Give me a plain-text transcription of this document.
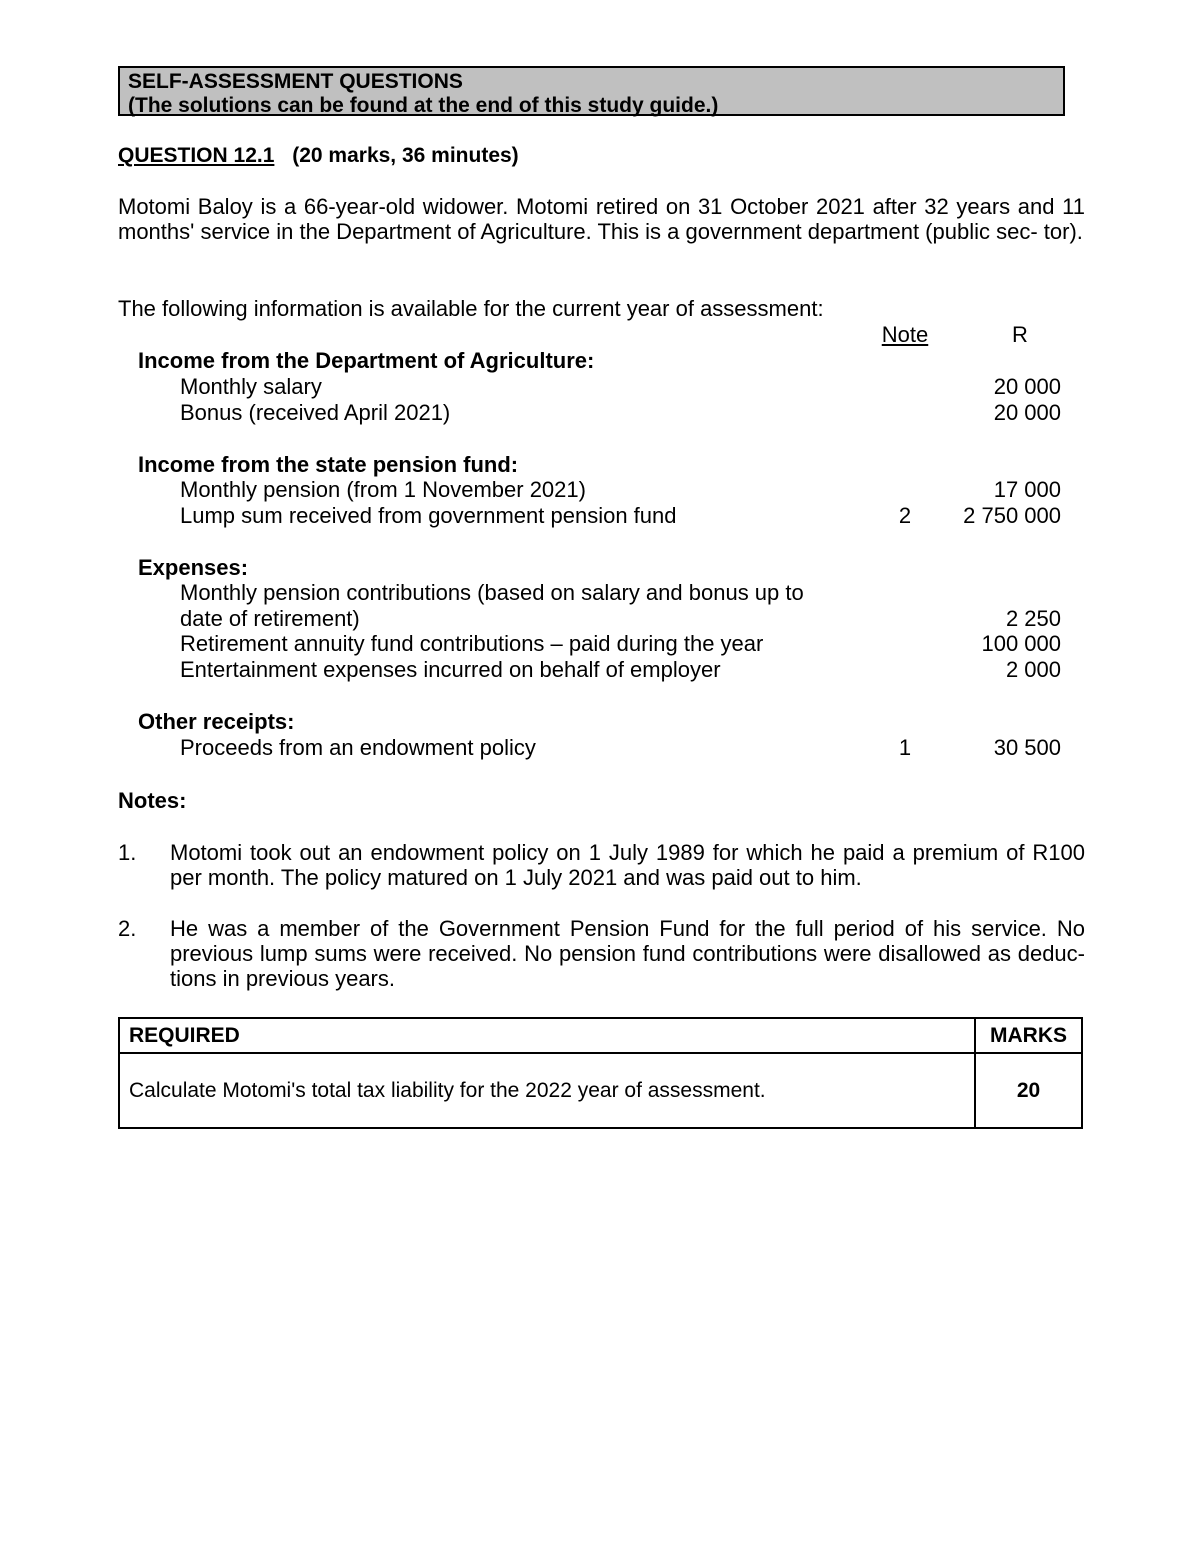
SELF-ASSESSMENT QUESTIONS
(The solutions can be found at the end of this study guide.)
QUESTION 12.1 (20 marks, 36 minutes)
Motomi Baloy is a 66-year-old widower. Motomi retired on 31 October 2021 after 32 years and 11 months' service in the Department of Agriculture. This is a government department (public sec- tor).
The following information is available for the current year of assessment:
Note	R
Income from the Department of Agriculture:
Monthly salary	20 000
Bonus (received April 2021)	20 000
Income from the state pension fund:
Monthly pension (from 1 November 2021)	17 000
Lump sum received from government pension fund	2	2 750 000
Expenses:
Monthly pension contributions (based on salary and bonus up to
date of retirement)	2 250
Retirement annuity fund contributions – paid during the year	100 000
Entertainment expenses incurred on behalf of employer	2 000
Other receipts:
Proceeds from an endowment policy	1	30 500
Notes:
1. Motomi took out an endowment policy on 1 July 1989 for which he paid a premium of R100 per month. The policy matured on 1 July 2021 and was paid out to him.
2. He was a member of the Government Pension Fund for the full period of his service. No previous lump sums were received. No pension fund contributions were disallowed as deduc- tions in previous years.
REQUIRED	MARKS
Calculate Motomi's total tax liability for the 2022 year of assessment.	20
